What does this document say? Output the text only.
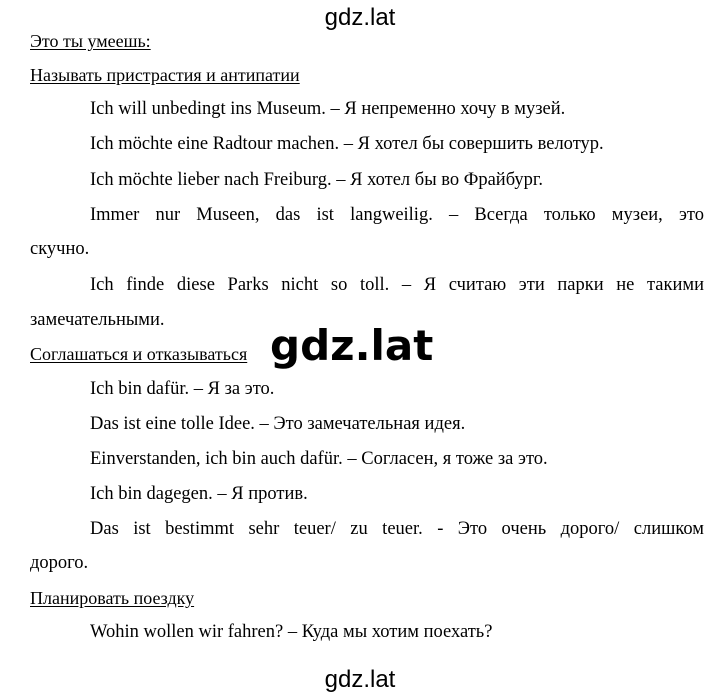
gdz.lat
Это ты умеешь:
Называть пристрастия и антипатии
Ich will unbedingt ins Museum. – Я непременно хочу в музей.
Ich möchte eine Radtour machen. – Я хотел бы совершить велотур.
Ich möchte lieber nach Freiburg. – Я хотел бы во Фрайбург.
Immer nur Museen, das ist langweilig. – Всегда только музеи, это
скучно.
Ich finde diese Parks nicht so toll. – Я считаю эти парки не такими
замечательными.
Соглашаться и отказываться gdz.lat
Ich bin dafür. – Я за это.
Das ist eine tolle Idee. – Это замечательная идея.
Einverstanden, ich bin auch dafür. – Согласен, я тоже за это.
Ich bin dagegen. – Я против.
Das ist bestimmt sehr teuer/ zu teuer. - Это очень дорого/ слишком
дорого.
Планировать поездку
Wohin wollen wir fahren? – Куда мы хотим поехать?
gdz.lat
